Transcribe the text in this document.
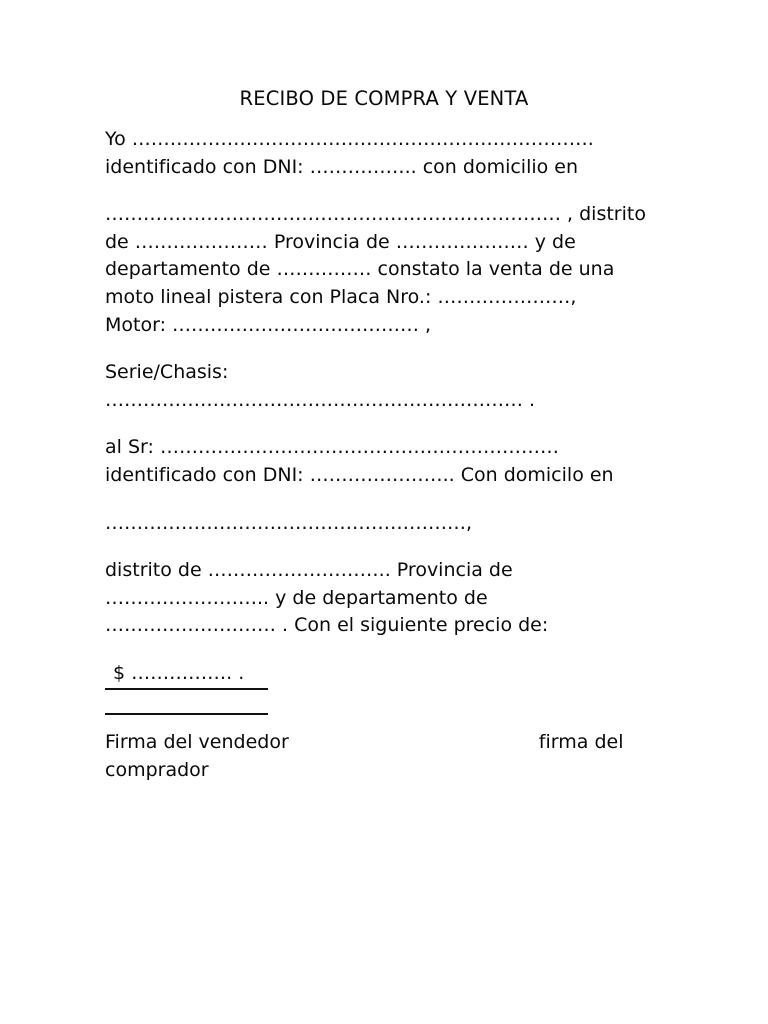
RECIBO DE COMPRA Y VENTA

Yo ……………………………………………………………….
identificado con DNI: …………….. con domicilio en

……………………………………………………………… , distrito
de ………………… Provincia de ………………… y de
departamento de …………… constato la venta de una
moto lineal pistera con Placa Nro.: …………………,
Motor: ………………………………… ,

Serie/Chasis:
………………………………………………………… .

al Sr: ………………………………………………………
identificado con DNI: ………………….. Con domicilo en

…………………………………………………,

distrito de ……………………….. Provincia de
…………………….. y de departamento de
……………………… . Con el siguiente precio de:

$ ……………. .

Firma del vendedor	firma del comprador
